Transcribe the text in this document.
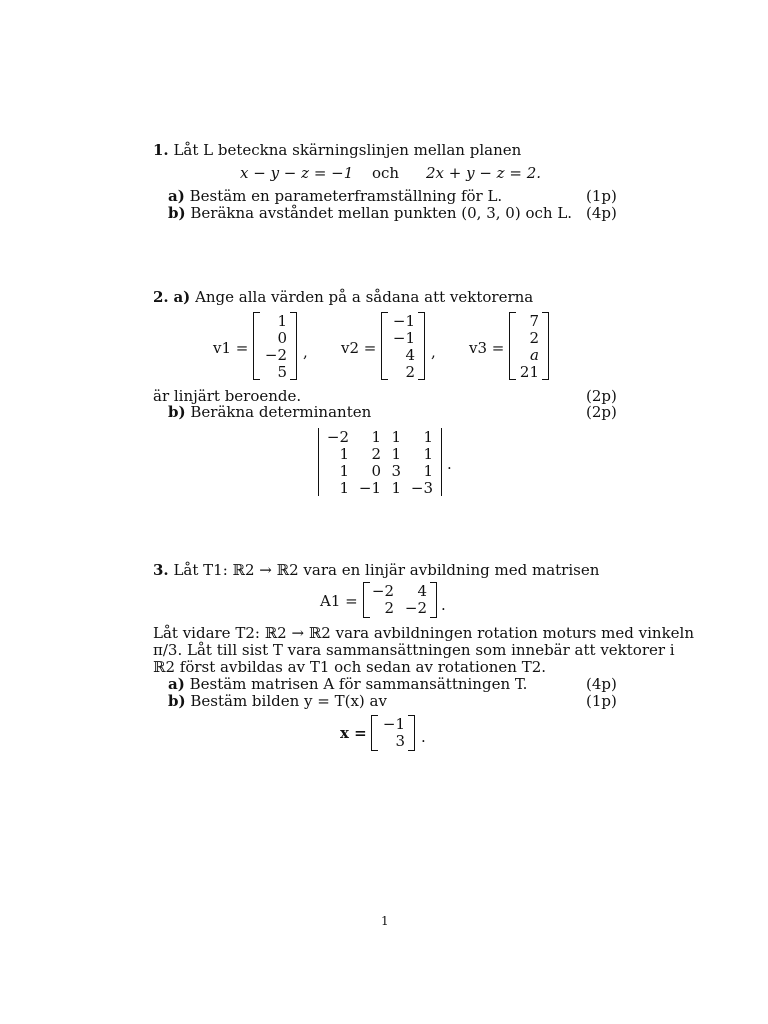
1. Låt L beteckna skärningslinjen mellan planen
x − y − z = −1 och 2x + y − z = 2.
a) Bestäm en parameterframställning för L.	(1p)
b) Beräkna avståndet mellan punkten (0, 3, 0) och L. (4p)
2. a) Ange alla värden på a sådana att vektorerna
v1 =
1
0
−2
5
, v2 =
−1
−1
4
2
, v3 =
7
2
a
21
är linjärt beroende.	(2p)
b) Beräkna determinanten	(2p)
−2 1 1 1
1 2 1 1
1 0 3 1
1 −1 1 −3
.
3. Låt T1: ℝ2 → ℝ2 vara en linjär avbildning med matrisen
A1 =
−2 4
2 −2 .
Låt vidare T2: ℝ2 → ℝ2 vara avbildningen rotation moturs med vinkeln
π/3. Låt till sist T vara sammansättningen som innebär att vektorer i
ℝ2 först avbildas av T1 och sedan av rotationen T2.
a) Bestäm matrisen A för sammansättningen T.	(4p)
b) Bestäm bilden y = T(x) av	(1p)
x = −1
3 .
1
